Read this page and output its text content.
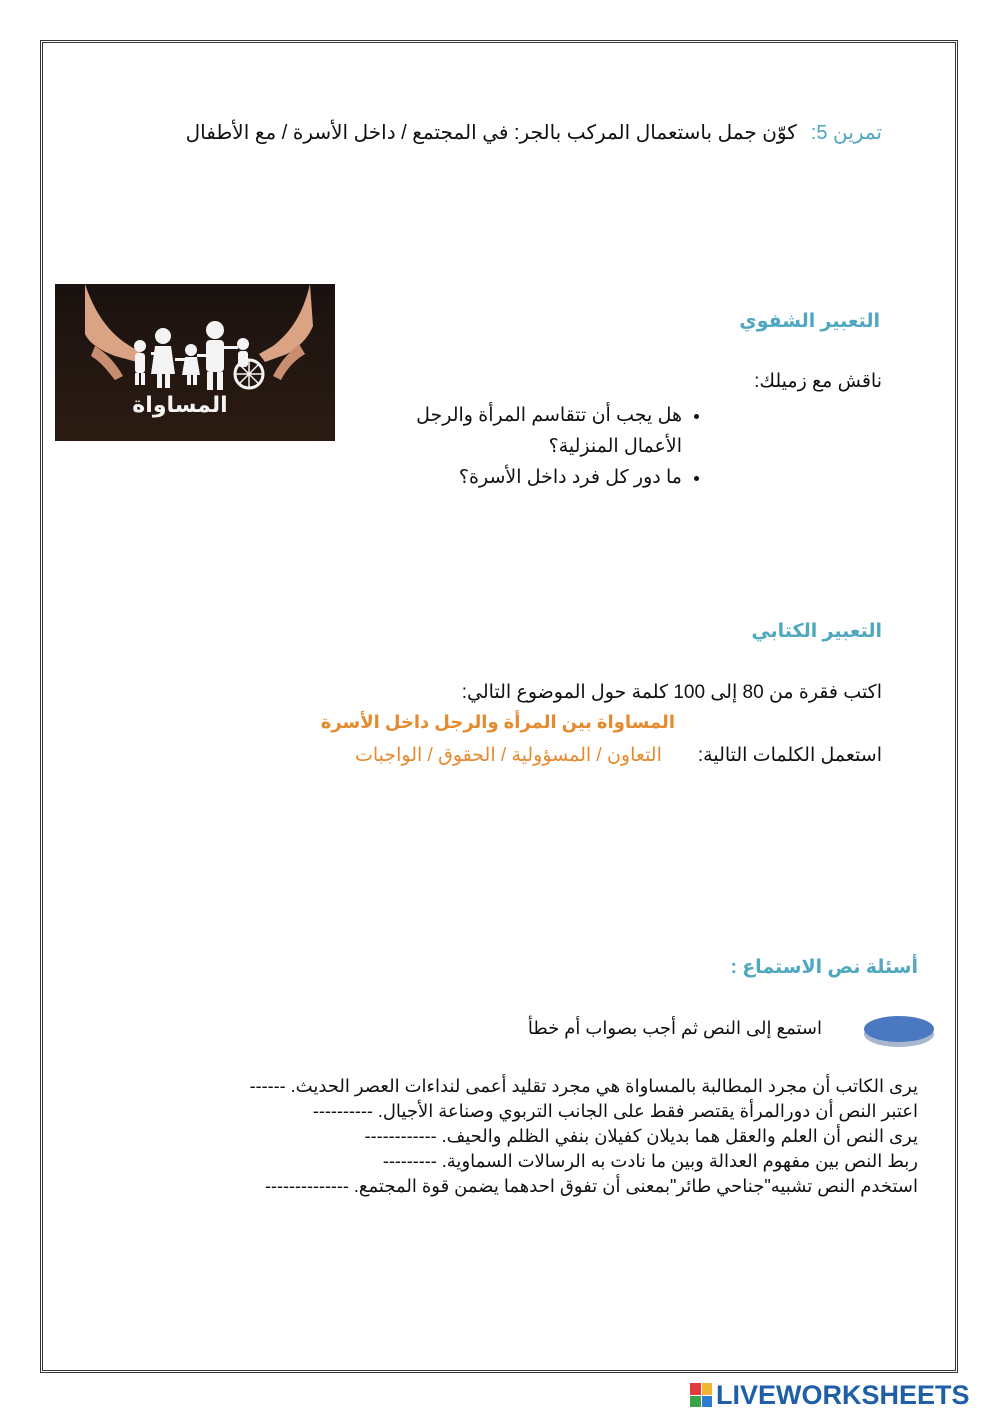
تمرين 5:كوّن جمل باستعمال المركب بالجر: في المجتمع / داخل الأسرة / مع الأطفال
المساواة
التعبير الشفوي
ناقش مع زميلك:
• هل يجب أن تتقاسم المرأة والرجل الأعمال المنزلية؟
• ما دور كل فرد داخل الأسرة؟
التعبير الكتابي
اكتب فقرة من 80 إلى 100 كلمة حول الموضوع التالي:
المساواة بين المرأة والرجل داخل الأسرة
استعمل الكلمات التالية:التعاون / المسؤولية / الحقوق / الواجبات
أسئلة نص الاستماع :
استمع إلى النص ثم أجب بصواب أم خطأ
يرى الكاتب أن مجرد المطالبة بالمساواة هي مجرد تقليد أعمى لنداءات العصر الحديث. ------
اعتبر النص أن دورالمرأة يقتصر فقط على الجانب التربوي وصناعة الأجيال. ----------
يرى النص أن العلم والعقل هما بديلان كفيلان بنفي الظلم والحيف. ------------
ربط النص بين مفهوم العدالة وبين ما نادت به الرسالات السماوية. ---------
استخدم النص تشبيه"جناحي طائر"بمعنى أن تفوق احدهما يضمن قوة المجتمع. --------------
LIVEWORKSHEETS
